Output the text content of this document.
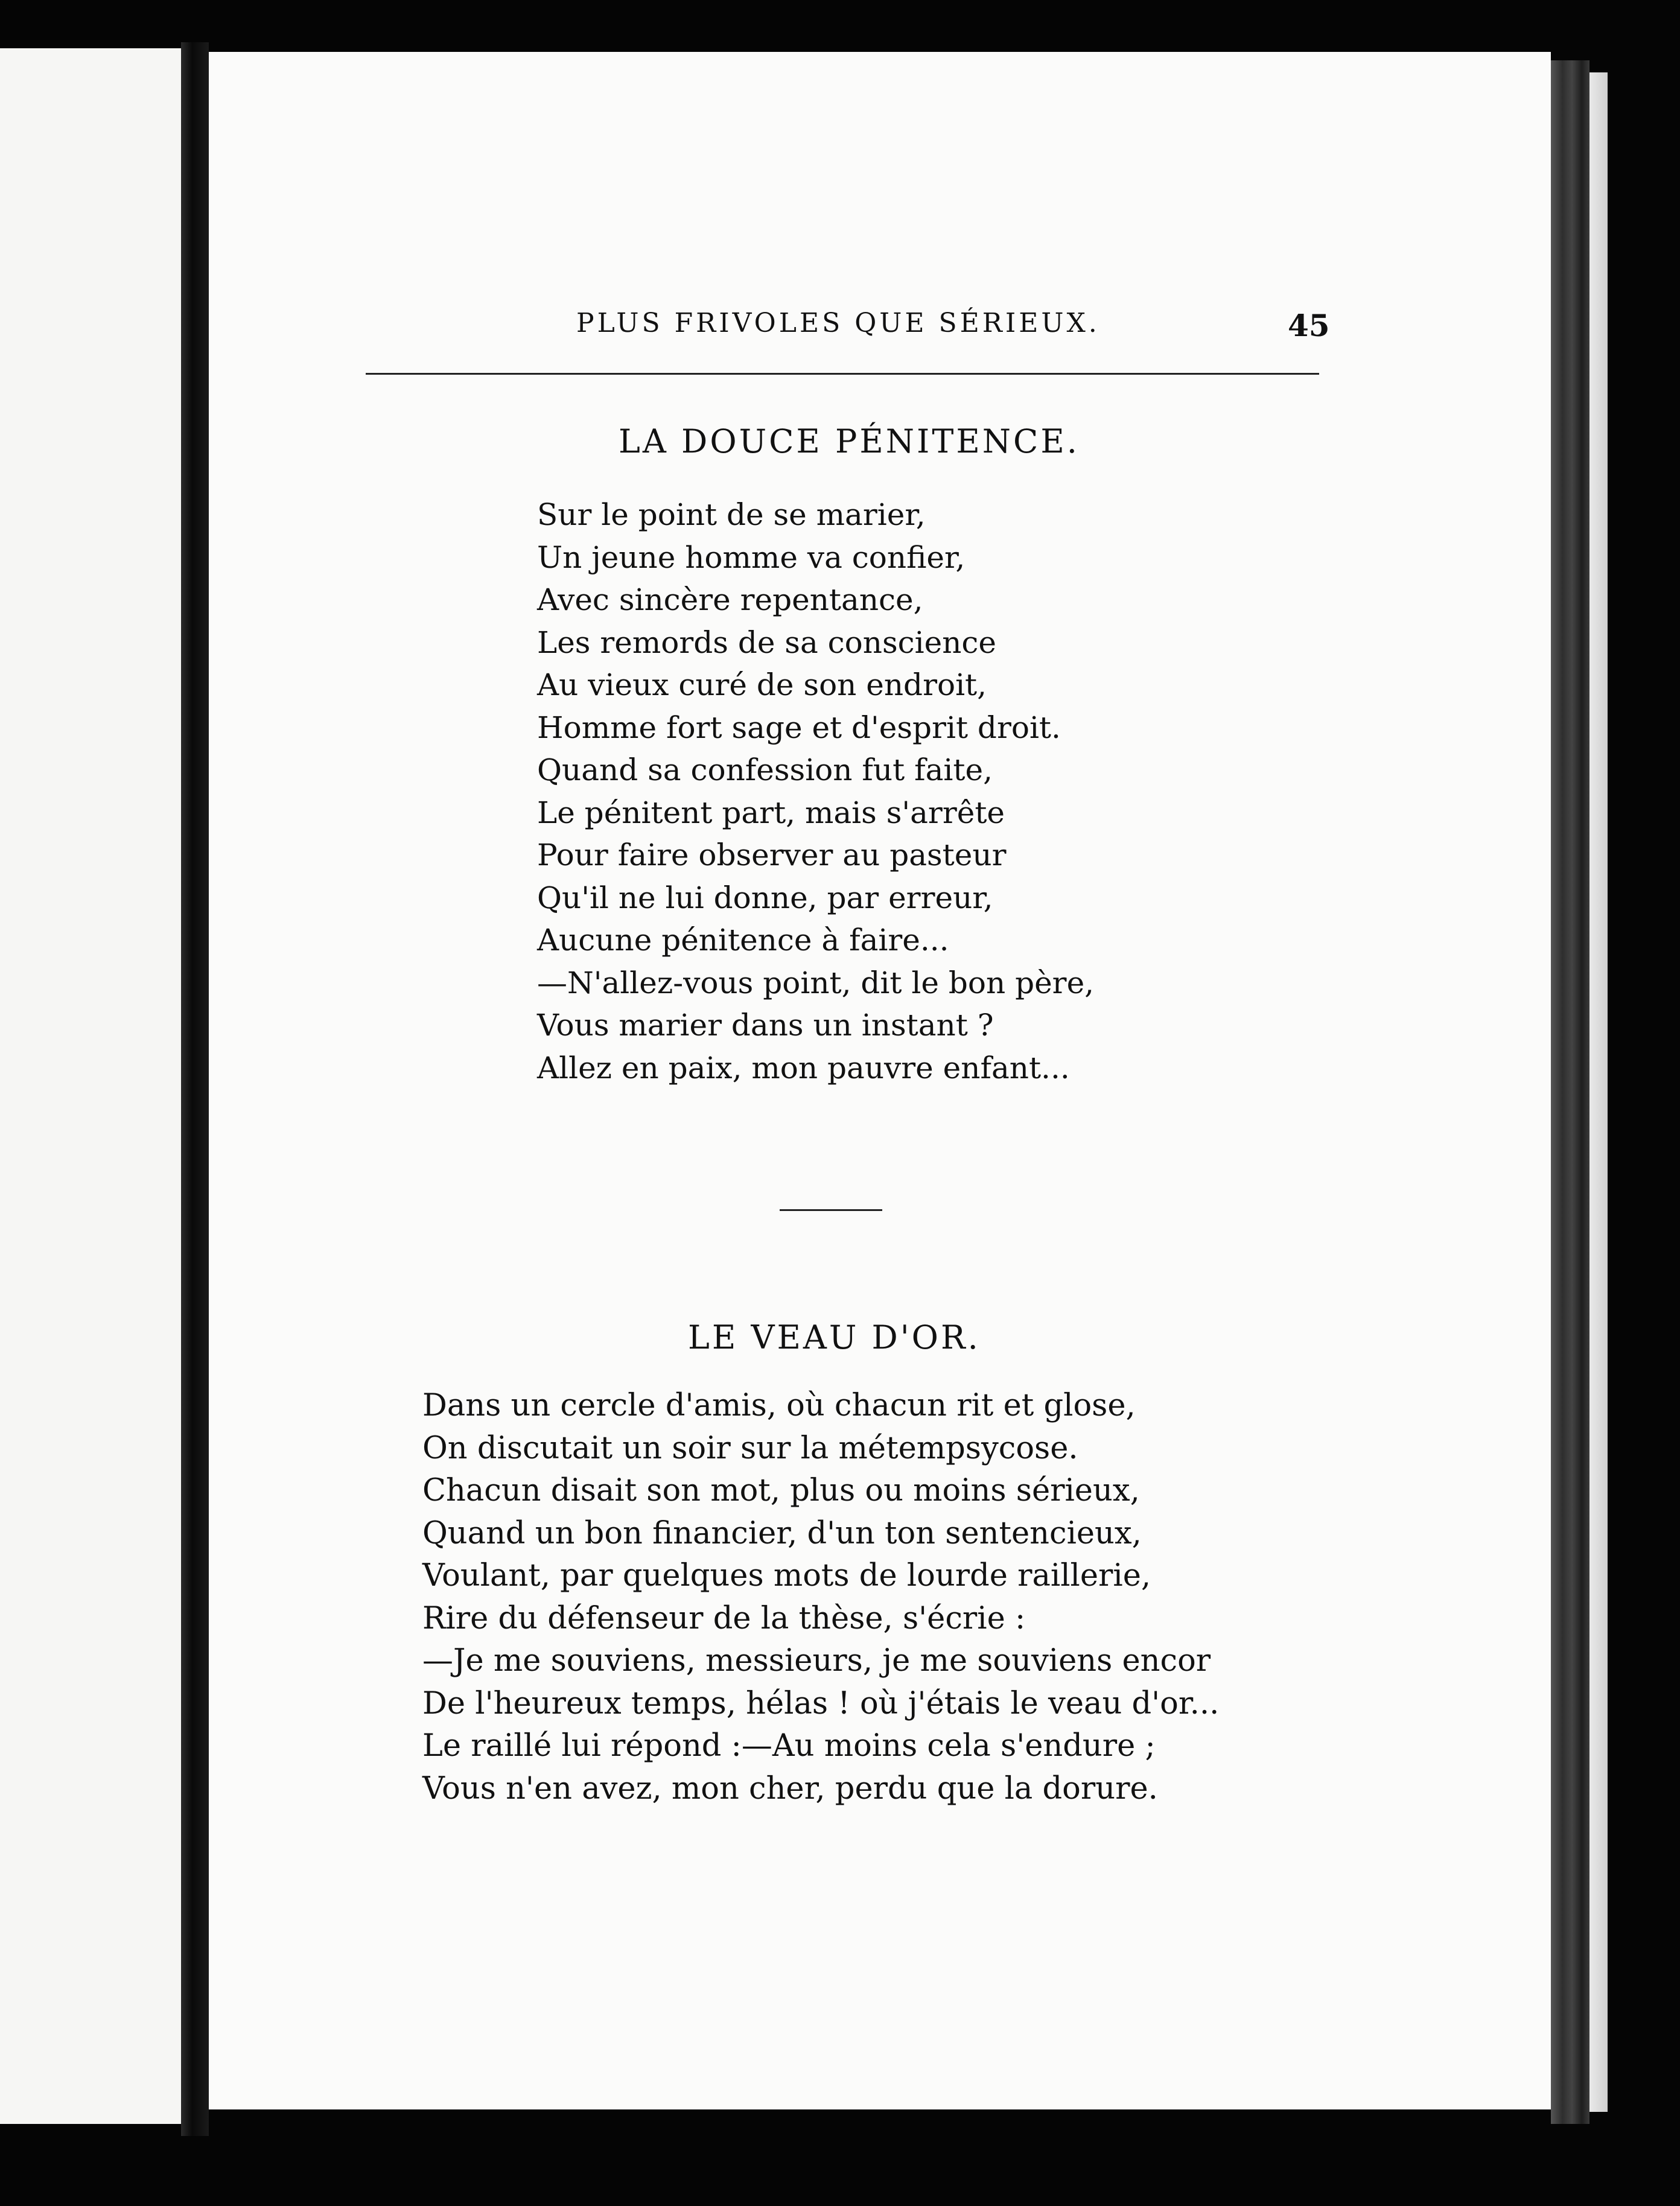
PLUS FRIVOLES QUE SÉRIEUX.	45
LA DOUCE PÉNITENCE.
Sur le point de se marier,
Un jeune homme va confier,
Avec sincère repentance,
Les remords de sa conscience
Au vieux curé de son endroit,
Homme fort sage et d'esprit droit.
Quand sa confession fut faite,
Le pénitent part, mais s'arrête
Pour faire observer au pasteur
Qu'il ne lui donne, par erreur,
Aucune pénitence à faire...
—N'allez-vous point, dit le bon père,
Vous marier dans un instant ?
Allez en paix, mon pauvre enfant...
LE VEAU D'OR.
Dans un cercle d'amis, où chacun rit et glose,
On discutait un soir sur la métempsycose.
Chacun disait son mot, plus ou moins sérieux,
Quand un bon financier, d'un ton sentencieux,
Voulant, par quelques mots de lourde raillerie,
Rire du défenseur de la thèse, s'écrie :
—Je me souviens, messieurs, je me souviens encor
De l'heureux temps, hélas ! où j'étais le veau d'or...
Le raillé lui répond :—Au moins cela s'endure ;
Vous n'en avez, mon cher, perdu que la dorure.
